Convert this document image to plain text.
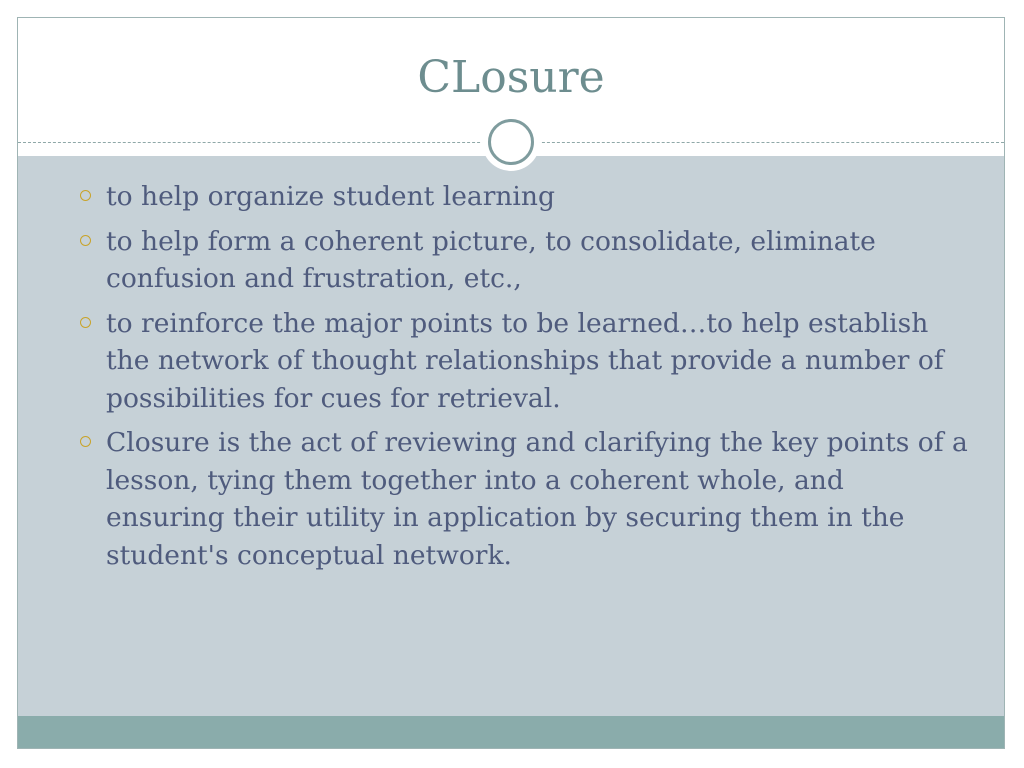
CLosure
to help organize student learning
to help form a coherent picture, to consolidate, eliminate confusion and frustration, etc.,
to reinforce the major points to be learned…to help establish the network of thought relationships that provide a number of possibilities for cues for retrieval.
Closure is the act of reviewing and clarifying the key points of a lesson, tying them together into a coherent whole, and ensuring their utility in application by securing them in the student's conceptual network.
